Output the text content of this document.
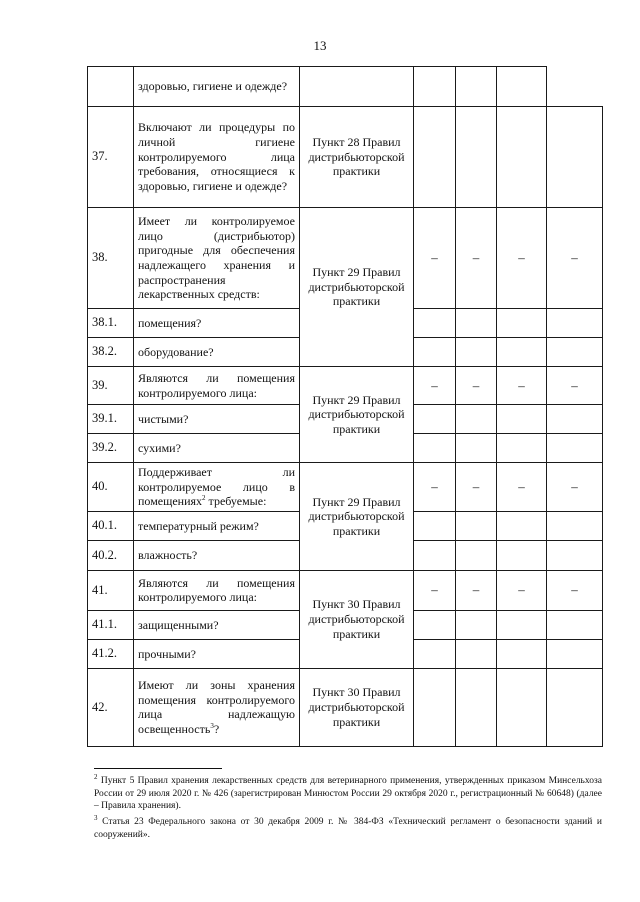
13
	здоровью, гигиене и одежде?					
37.	Включают ли процедуры по личной гигиене контролируемого лица требования, относящиеся к здоровью, гигиене и одежде?	Пункт 28 Правил дистрибьюторской практики				
38.	Имеет ли контролируемое лицо (дистрибьютор) пригодные для обеспечения надлежащего хранения и распространения лекарственных средств:	Пункт 29 Правил дистрибьюторской практики	–	–	–	–
38.1.	помещения?					
38.2.	оборудование?					
39.	Являются ли помещения контролируемого лица:	Пункт 29 Правил дистрибьюторской практики	–	–	–	–
39.1.	чистыми?					
39.2.	сухими?					
40.	Поддерживает ли контролируемое лицо в помещениях$^2$ требуемые:	Пункт 29 Правил дистрибьюторской практики	–	–	–	–
40.1.	температурный режим?					
40.2.	влажность?					
41.	Являются ли помещения контролируемого лица:	Пункт 30 Правил дистрибьюторской практики	–	–	–	–
41.1.	защищенными?					
41.2.	прочными?					
42.	Имеют ли зоны хранения помещения контролируемого лица надлежащую освещенность$^3$?	Пункт 30 Правил дистрибьюторской практики				

$^2$ Пункт 5 Правил хранения лекарственных средств для ветеринарного применения, утвержденных приказом Минсельхоза России от 29 июля 2020 г. № 426 (зарегистрирован Минюстом России 29 октября 2020 г., регистрационный № 60648) (далее – Правила хранения).

$^3$ Статья 23 Федерального закона от 30 декабря 2009 г. № 384-ФЗ «Технический регламент о безопасности зданий и сооружений».
